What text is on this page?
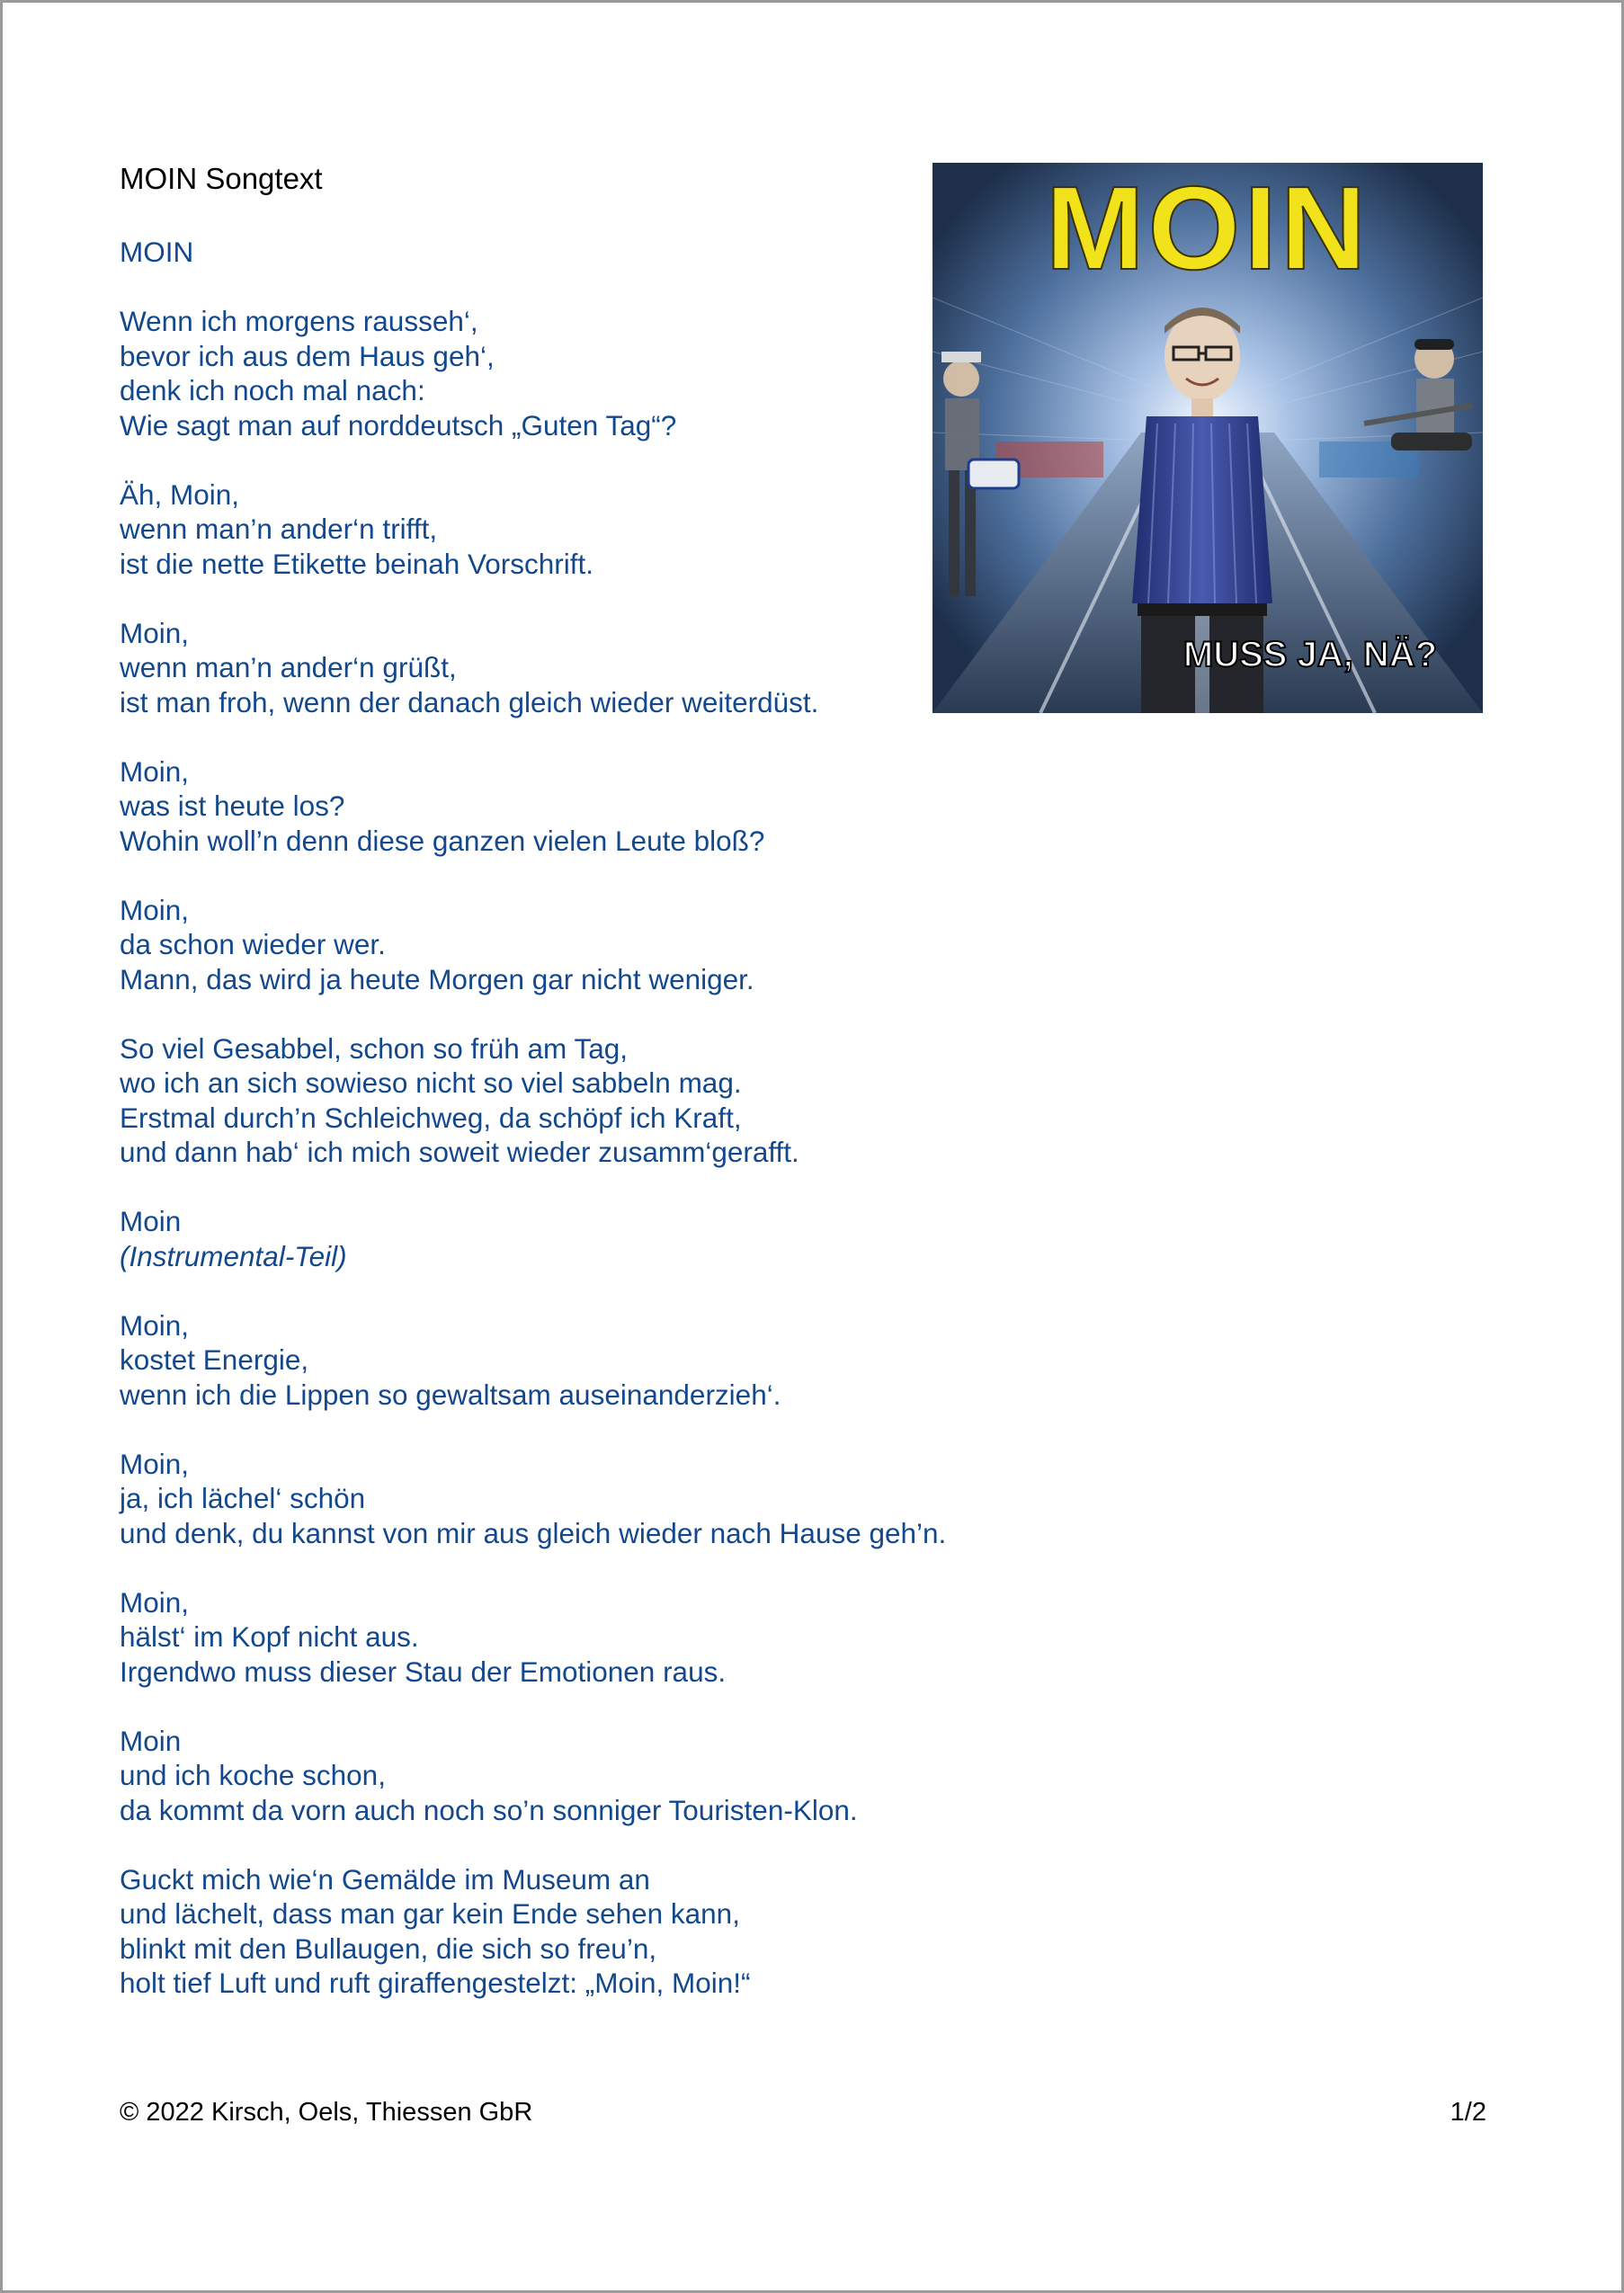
MOIN Songtext
MOIN
Wenn ich morgens rausseh‘,
bevor ich aus dem Haus geh‘,
denk ich noch mal nach:
Wie sagt man auf norddeutsch „Guten Tag“?
Äh, Moin,
wenn man’n ander‘n trifft,
ist die nette Etikette beinah Vorschrift.
Moin,
wenn man’n ander‘n grüßt,
ist man froh, wenn der danach gleich wieder weiterdüst.
Moin,
was ist heute los?
Wohin woll’n denn diese ganzen vielen Leute bloß?
Moin,
da schon wieder wer.
Mann, das wird ja heute Morgen gar nicht weniger.
So viel Gesabbel, schon so früh am Tag,
wo ich an sich sowieso nicht so viel sabbeln mag.
Erstmal durch’n Schleichweg, da schöpf ich Kraft,
und dann hab‘ ich mich soweit wieder zusamm‘gerafft.
Moin
(Instrumental-Teil)
Moin,
kostet Energie,
wenn ich die Lippen so gewaltsam auseinanderzieh‘.
Moin,
ja, ich lächel‘ schön
und denk, du kannst von mir aus gleich wieder nach Hause geh’n.
Moin,
hälst‘ im Kopf nicht aus.
Irgendwo muss dieser Stau der Emotionen raus.
Moin
und ich koche schon,
da kommt da vorn auch noch so’n sonniger Touristen-Klon.
Guckt mich wie‘n Gemälde im Museum an
und lächelt, dass man gar kein Ende sehen kann,
blinkt mit den Bullaugen, die sich so freu’n,
holt tief Luft und ruft giraffengestelzt: „Moin, Moin!“
MOIN
MUSS JA, NÄ?
© 2022 Kirsch, Oels, Thiessen GbR	1/2
